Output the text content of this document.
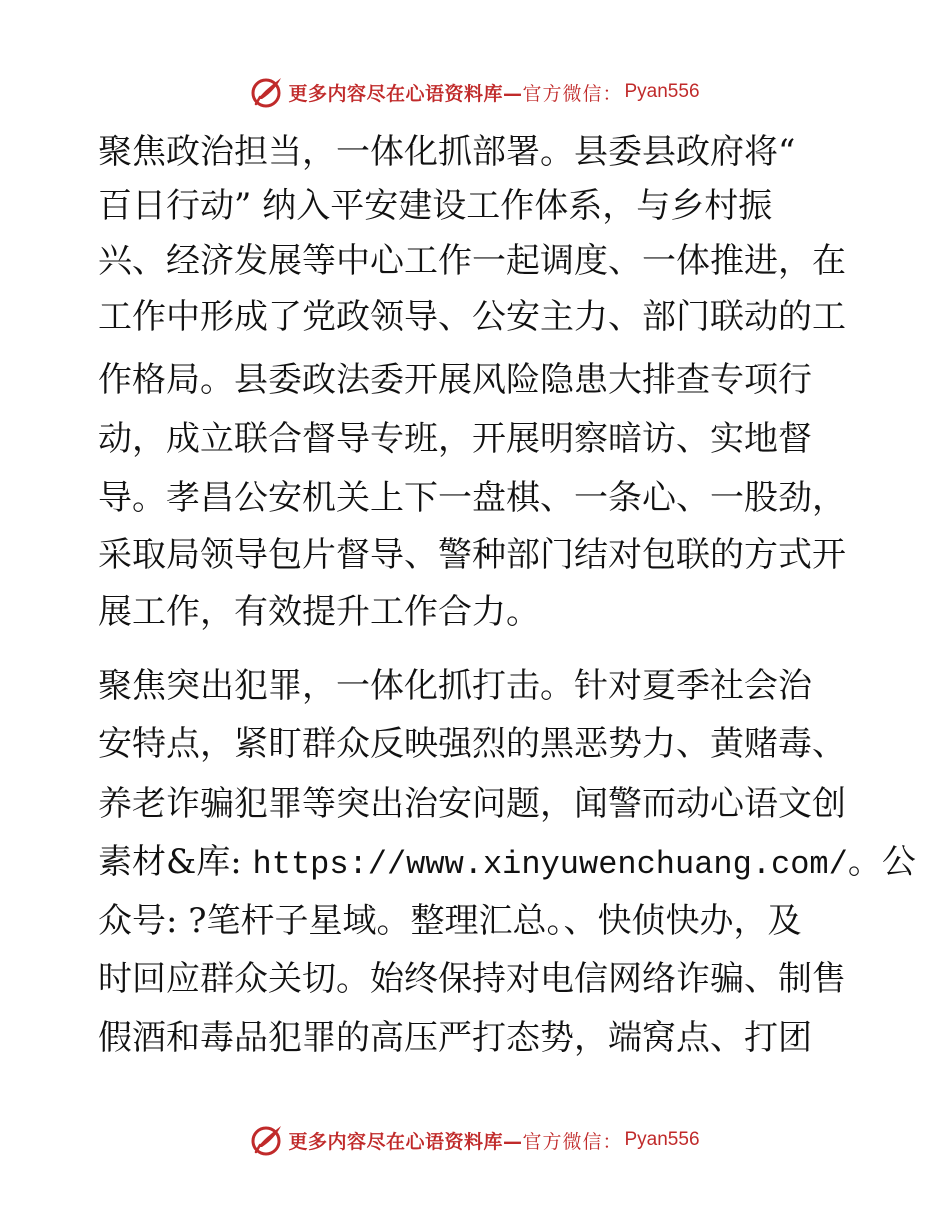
更多内容尽在心语资料库— 官方微信： Pyan556
聚焦政治担当，一体化抓部署。县委县政府将“
百日行动” 纳入平安建设工作体系，与乡村振
兴、经济发展等中心工作一起调度、一体推进，在
工作中形成了党政领导、公安主力、部门联动的工
作格局。县委政法委开展风险隐患大排查专项行
动，成立联合督导专班，开展明察暗访、实地督
导。孝昌公安机关上下一盘棋、一条心、一股劲，
采取局领导包片督导、警种部门结对包联的方式开
展工作，有效提升工作合力。
聚焦突出犯罪，一体化抓打击。针对夏季社会治
安特点，紧盯群众反映强烈的黑恶势力、黄赌毒、
养老诈骗犯罪等突出治安问题，闻警而动心语文创
素材&库: https://www.xinyuwenchuang.com/。公
众号: ?笔杆子星域。整理汇总。、快侦快办，及
时回应群众关切。始终保持对电信网络诈骗、制售
假酒和毒品犯罪的高压严打态势，端窝点、打团
更多内容尽在心语资料库— 官方微信： Pyan556
